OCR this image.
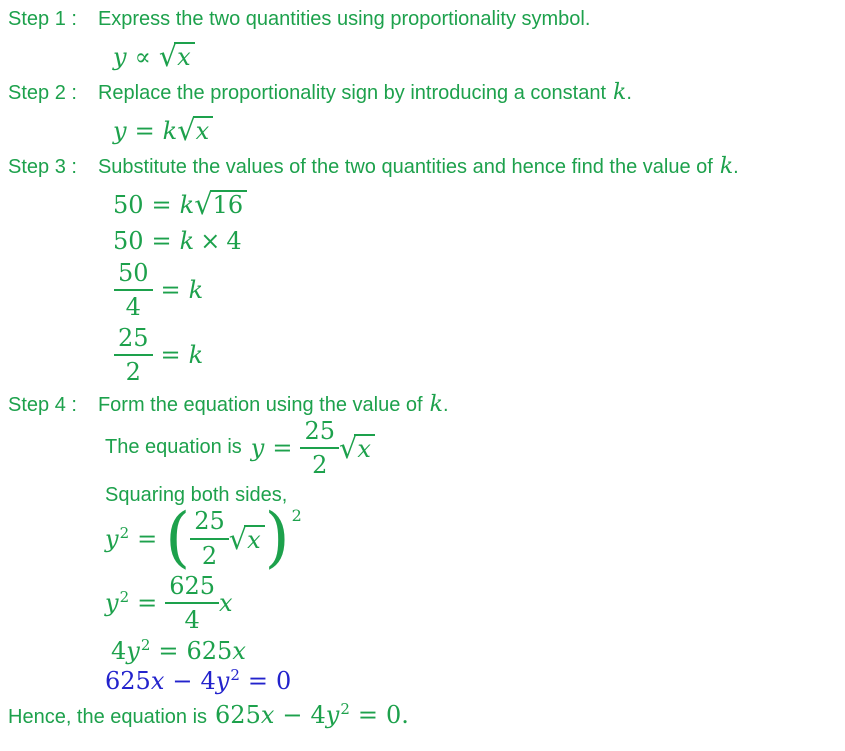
Step 1 : Express the two quantities using proportionality symbol.
y ∝ √x
Step 2 : Replace the proportionality sign by introducing a constant k .
y = k√x
Step 3 : Substitute the values of the two quantities and hence find the value of k .
50 = k√16
50 = k × 4
$\frac{50}{4} = k$
$\frac{25}{2} = k$
Step 4 : Form the equation using the value of k .
The equation is $y = \frac{25}{2} √x$
Squaring both sides,
$y^2$ = ( $\frac{25}{2} √x$ ) 2
$y^2 = \frac{625}{4}$ x
$4y^2 = 625x$
$625x - 4y^2 = 0$
Hence, the equation is $625x - 4y^2 = 0$.
